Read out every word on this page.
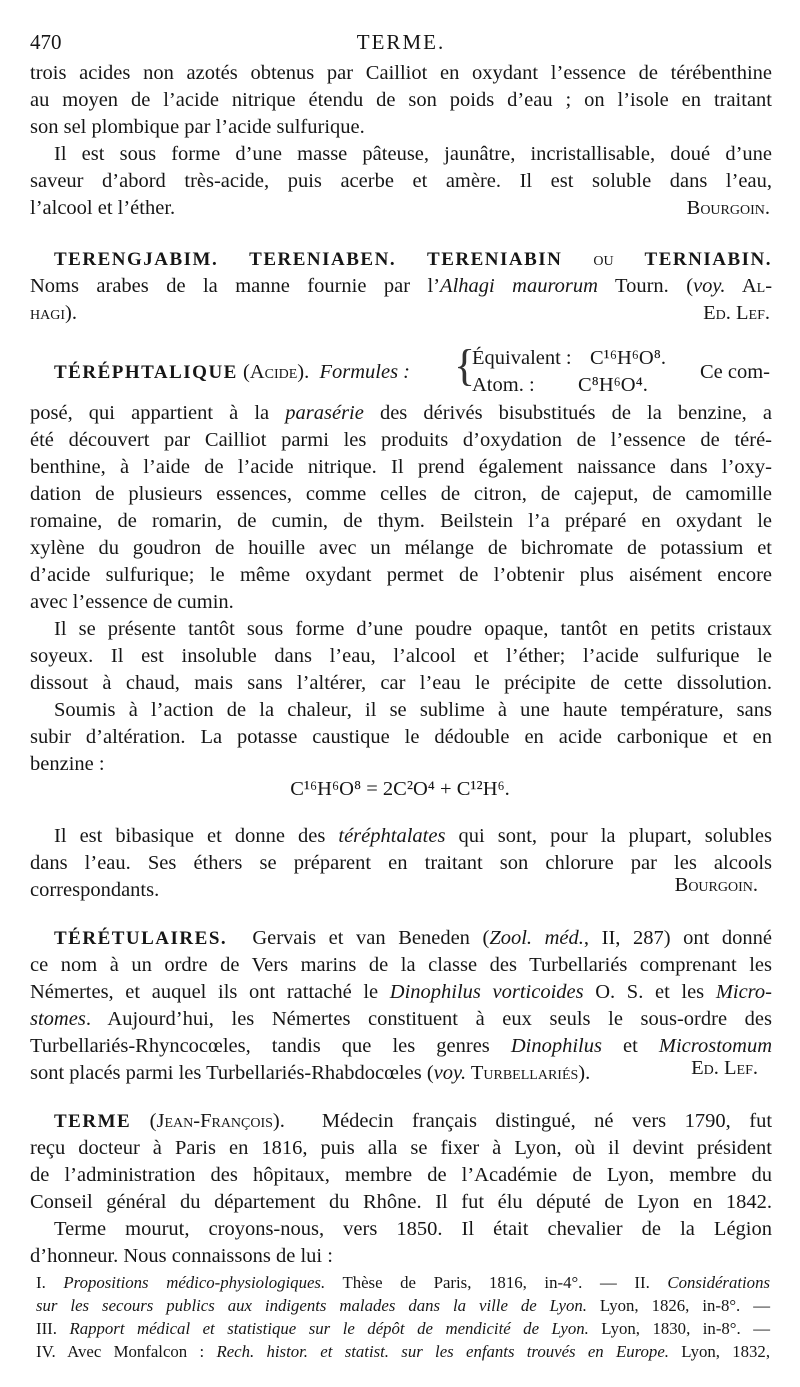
470	TERME.
trois acides non azotés obtenus par Cailliot en oxydant l’essence de térébenthine
au moyen de l’acide nitrique étendu de son poids d’eau ; on l’isole en traitant
son sel plombique par l’acide sulfurique.
Il est sous forme d’une masse pâteuse, jaunâtre, incristallisable, doué d’une
saveur d’abord très-acide, puis acerbe et amère. Il est soluble dans l’eau,
l’alcool et l’éther.	Bourgoin.
TERENGJABIM. TERENIABEN. TERENIABIN ou TERNIABIN.
Noms arabes de la manne fournie par l’Alhagi maurorum Tourn. (voy. Al-
hagi).	Ed. Lef.
TÉRÉPHTALIQUE (Acide). Formules : {
Équivalent : C¹⁶H⁶O⁸.
Atom. : C⁸H⁶O⁴.
Ce com-
posé, qui appartient à la parasérie des dérivés bisubstitués de la benzine, a
été découvert par Cailliot parmi les produits d’oxydation de l’essence de téré-
benthine, à l’aide de l’acide nitrique. Il prend également naissance dans l’oxy-
dation de plusieurs essences, comme celles de citron, de cajeput, de camomille
romaine, de romarin, de cumin, de thym. Beilstein l’a préparé en oxydant le
xylène du goudron de houille avec un mélange de bichromate de potassium et
d’acide sulfurique; le même oxydant permet de l’obtenir plus aisément encore
avec l’essence de cumin.
Il se présente tantôt sous forme d’une poudre opaque, tantôt en petits cristaux
soyeux. Il est insoluble dans l’eau, l’alcool et l’éther; l’acide sulfurique le
dissout à chaud, mais sans l’altérer, car l’eau le précipite de cette dissolution.
Soumis à l’action de la chaleur, il se sublime à une haute température, sans
subir d’altération. La potasse caustique le dédouble en acide carbonique et en
benzine :
C¹⁶H⁶O⁸ = 2C²O⁴ + C¹²H⁶.
Il est bibasique et donne des téréphtalates qui sont, pour la plupart, solubles
dans l’eau. Ses éthers se préparent en traitant son chlorure par les alcools
correspondants.	Bourgoin.
TÉRÉTULAIRES. Gervais et van Beneden (Zool. méd., II, 287) ont donné
ce nom à un ordre de Vers marins de la classe des Turbellariés comprenant les
Némertes, et auquel ils ont rattaché le Dinophilus vorticoides O. S. et les Micro-
stomes. Aujourd’hui, les Némertes constituent à eux seuls le sous-ordre des
Turbellariés-Rhyncocœles, tandis que les genres Dinophilus et Microstomum
sont placés parmi les Turbellariés-Rhabdocœles (voy. Turbellariés).	Ed. Lef.
TERME (Jean-François). Médecin français distingué, né vers 1790, fut
reçu docteur à Paris en 1816, puis alla se fixer à Lyon, où il devint président
de l’administration des hôpitaux, membre de l’Académie de Lyon, membre du
Conseil général du département du Rhône. Il fut élu député de Lyon en 1842.
Terme mourut, croyons-nous, vers 1850. Il était chevalier de la Légion
d’honneur. Nous connaissons de lui :
I. Propositions médico-physiologiques. Thèse de Paris, 1816, in-4°. — II. Considérations
sur les secours publics aux indigents malades dans la ville de Lyon. Lyon, 1826, in-8°. —
III. Rapport médical et statistique sur le dépôt de mendicité de Lyon. Lyon, 1830, in-8°. —
IV. Avec Monfalcon : Rech. histor. et statist. sur les enfants trouvés en Europe. Lyon, 1832,
